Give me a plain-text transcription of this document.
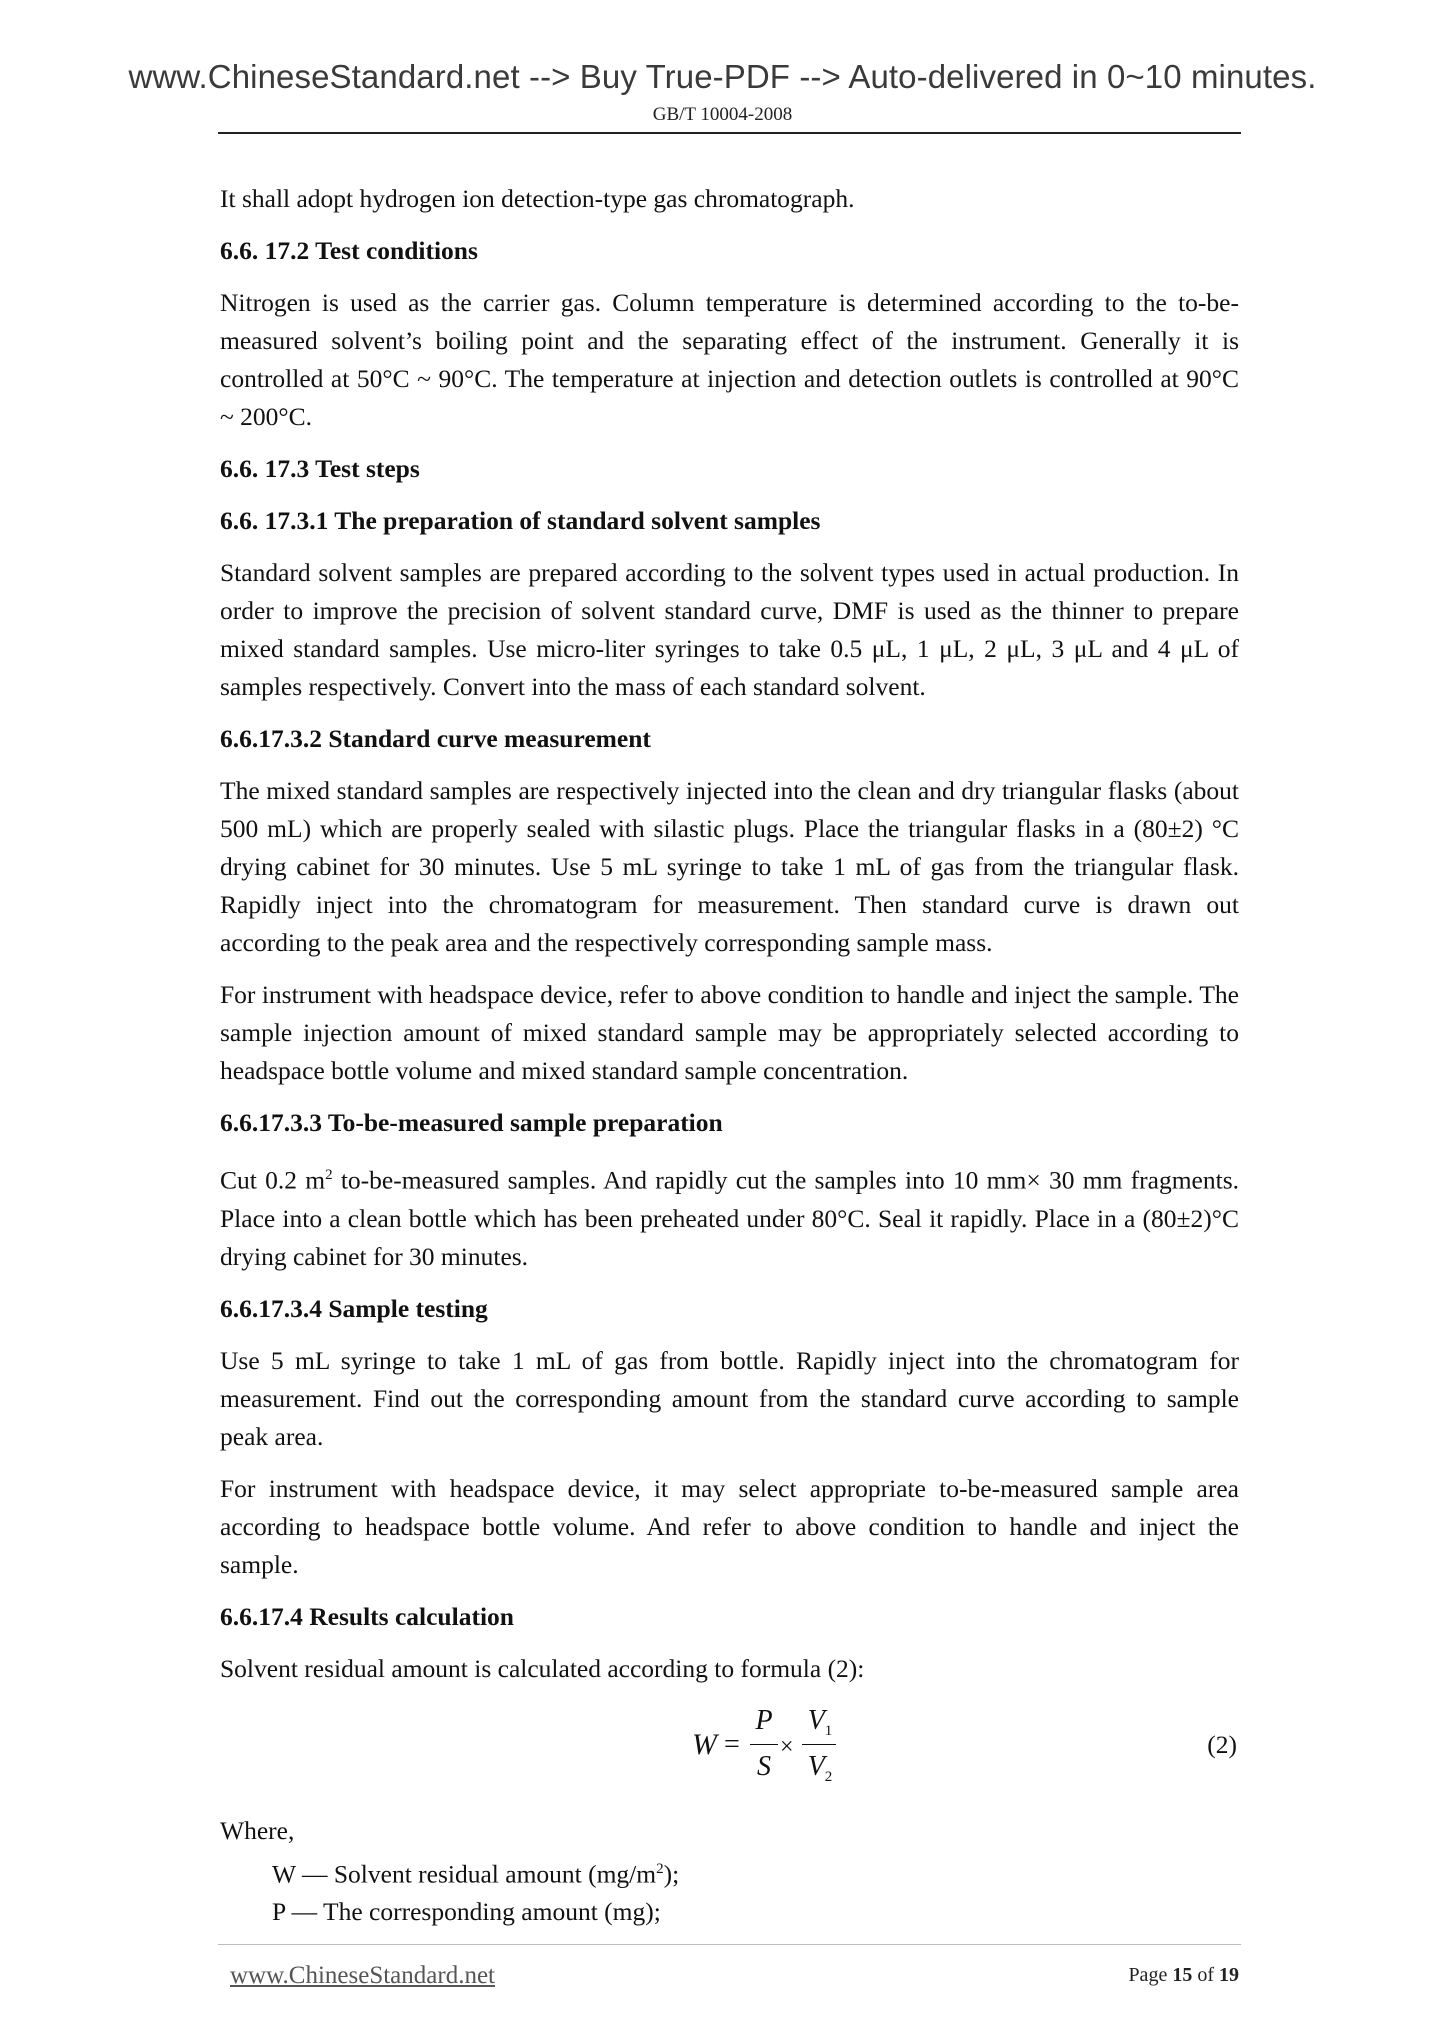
www.ChineseStandard.net --> Buy True-PDF --> Auto-delivered in 0~10 minutes.
GB/T 10004-2008

It shall adopt hydrogen ion detection-type gas chromatograph.

6.6. 17.2 Test conditions

Nitrogen is used as the carrier gas. Column temperature is determined according to the to-be-measured solvent’s boiling point and the separating effect of the instrument. Generally it is controlled at 50°C ~ 90°C. The temperature at injection and detection outlets is controlled at 90°C ~ 200°C.

6.6. 17.3 Test steps
6.6. 17.3.1 The preparation of standard solvent samples

Standard solvent samples are prepared according to the solvent types used in actual production. In order to improve the precision of solvent standard curve, DMF is used as the thinner to prepare mixed standard samples. Use micro-liter syringes to take 0.5 μL, 1 μL, 2 μL, 3 μL and 4 μL of samples respectively. Convert into the mass of each standard solvent.

6.6.17.3.2 Standard curve measurement

The mixed standard samples are respectively injected into the clean and dry triangular flasks (about 500 mL) which are properly sealed with silastic plugs. Place the triangular flasks in a (80±2) °C drying cabinet for 30 minutes. Use 5 mL syringe to take 1 mL of gas from the triangular flask. Rapidly inject into the chromatogram for measurement. Then standard curve is drawn out according to the peak area and the respectively corresponding sample mass.

For instrument with headspace device, refer to above condition to handle and inject the sample. The sample injection amount of mixed standard sample may be appropriately selected according to headspace bottle volume and mixed standard sample concentration.

6.6.17.3.3 To-be-measured sample preparation

Cut 0.2 $m^2$ to-be-measured samples. And rapidly cut the samples into 10 mm× 30 mm fragments. Place into a clean bottle which has been preheated under 80°C. Seal it rapidly. Place in a (80±2)°C drying cabinet for 30 minutes.

6.6.17.3.4 Sample testing

Use 5 mL syringe to take 1 mL of gas from bottle. Rapidly inject into the chromatogram for measurement. Find out the corresponding amount from the standard curve according to sample peak area.

For instrument with headspace device, it may select appropriate to-be-measured sample area according to headspace bottle volume. And refer to above condition to handle and inject the sample.

6.6.17.4 Results calculation

Solvent residual amount is calculated according to formula (2):

W =
P
S
×
$V_1$
$V_2$
(2)
Where,
W — Solvent residual amount $(mg/m^2)$;
P — The corresponding amount (mg);
www.ChineseStandard.net	Page 15 of 19
